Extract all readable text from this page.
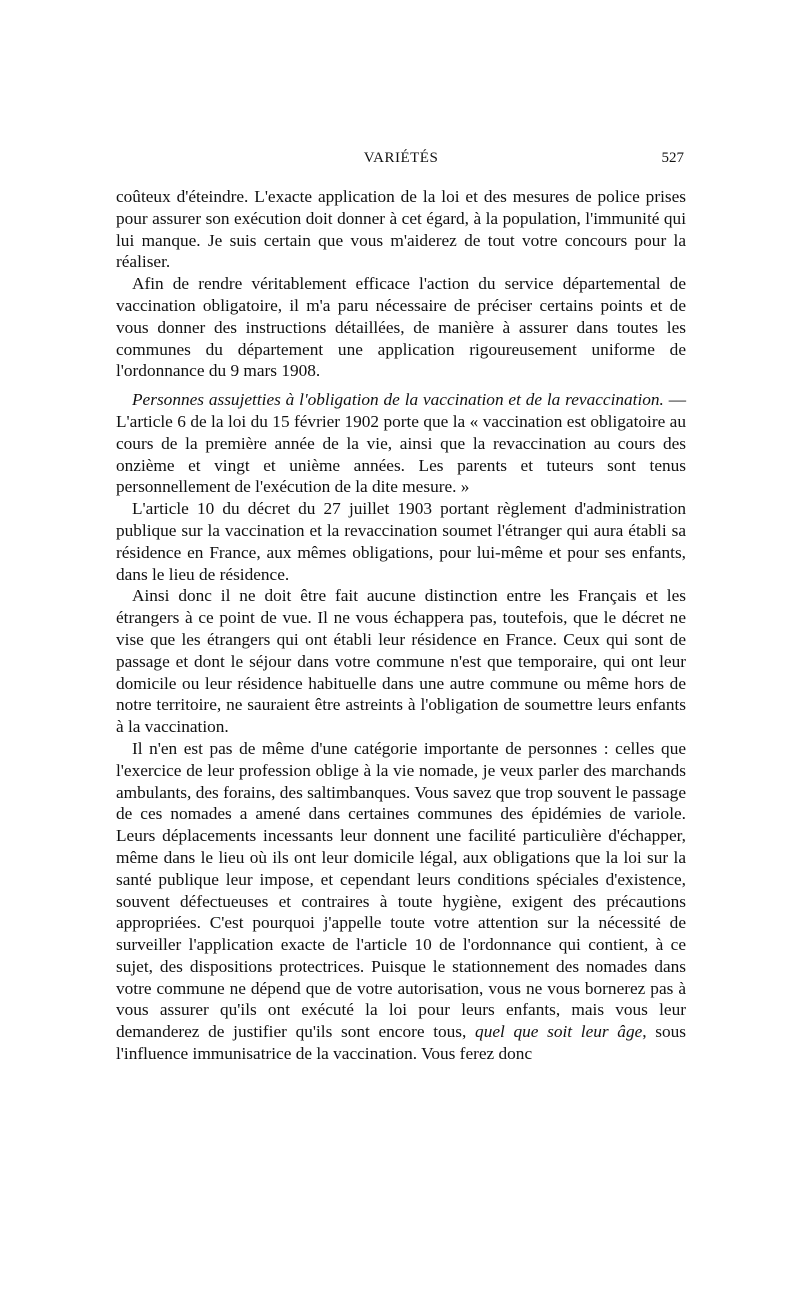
VARIÉTÉS	527

coûteux d'éteindre. L'exacte application de la loi et des mesures de police prises pour assurer son exécution doit donner à cet égard, à la population, l'immunité qui lui manque. Je suis certain que vous m'aiderez de tout votre concours pour la réaliser.

Afin de rendre véritablement efficace l'action du service départemental de vaccination obligatoire, il m'a paru nécessaire de préciser certains points et de vous donner des instructions détaillées, de manière à assurer dans toutes les communes du département une application rigoureusement uniforme de l'ordonnance du 9 mars 1908.

Personnes assujetties à l'obligation de la vaccination et de la revaccination. — L'article 6 de la loi du 15 février 1902 porte que la « vaccination est obligatoire au cours de la première année de la vie, ainsi que la revaccination au cours des onzième et vingt et unième années. Les parents et tuteurs sont tenus personnellement de l'exécution de la dite mesure. »

L'article 10 du décret du 27 juillet 1903 portant règlement d'administration publique sur la vaccination et la revaccination soumet l'étranger qui aura établi sa résidence en France, aux mêmes obligations, pour lui-même et pour ses enfants, dans le lieu de résidence.

Ainsi donc il ne doit être fait aucune distinction entre les Français et les étrangers à ce point de vue. Il ne vous échappera pas, toutefois, que le décret ne vise que les étrangers qui ont établi leur résidence en France. Ceux qui sont de passage et dont le séjour dans votre commune n'est que temporaire, qui ont leur domicile ou leur résidence habituelle dans une autre commune ou même hors de notre territoire, ne sauraient être astreints à l'obligation de soumettre leurs enfants à la vaccination.

Il n'en est pas de même d'une catégorie importante de personnes : celles que l'exercice de leur profession oblige à la vie nomade, je veux parler des marchands ambulants, des forains, des saltimbanques. Vous savez que trop souvent le passage de ces nomades a amené dans certaines communes des épidémies de variole. Leurs déplacements incessants leur donnent une facilité particulière d'échapper, même dans le lieu où ils ont leur domicile légal, aux obligations que la loi sur la santé publique leur impose, et cependant leurs conditions spéciales d'existence, souvent défectueuses et contraires à toute hygiène, exigent des précautions appropriées. C'est pourquoi j'appelle toute votre attention sur la nécessité de surveiller l'application exacte de l'article 10 de l'ordonnance qui contient, à ce sujet, des dispositions protectrices. Puisque le stationnement des nomades dans votre commune ne dépend que de votre autorisation, vous ne vous bornerez pas à vous assurer qu'ils ont exécuté la loi pour leurs enfants, mais vous leur demanderez de justifier qu'ils sont encore tous, quel que soit leur âge, sous l'influence immunisatrice de la vaccination. Vous ferez donc
